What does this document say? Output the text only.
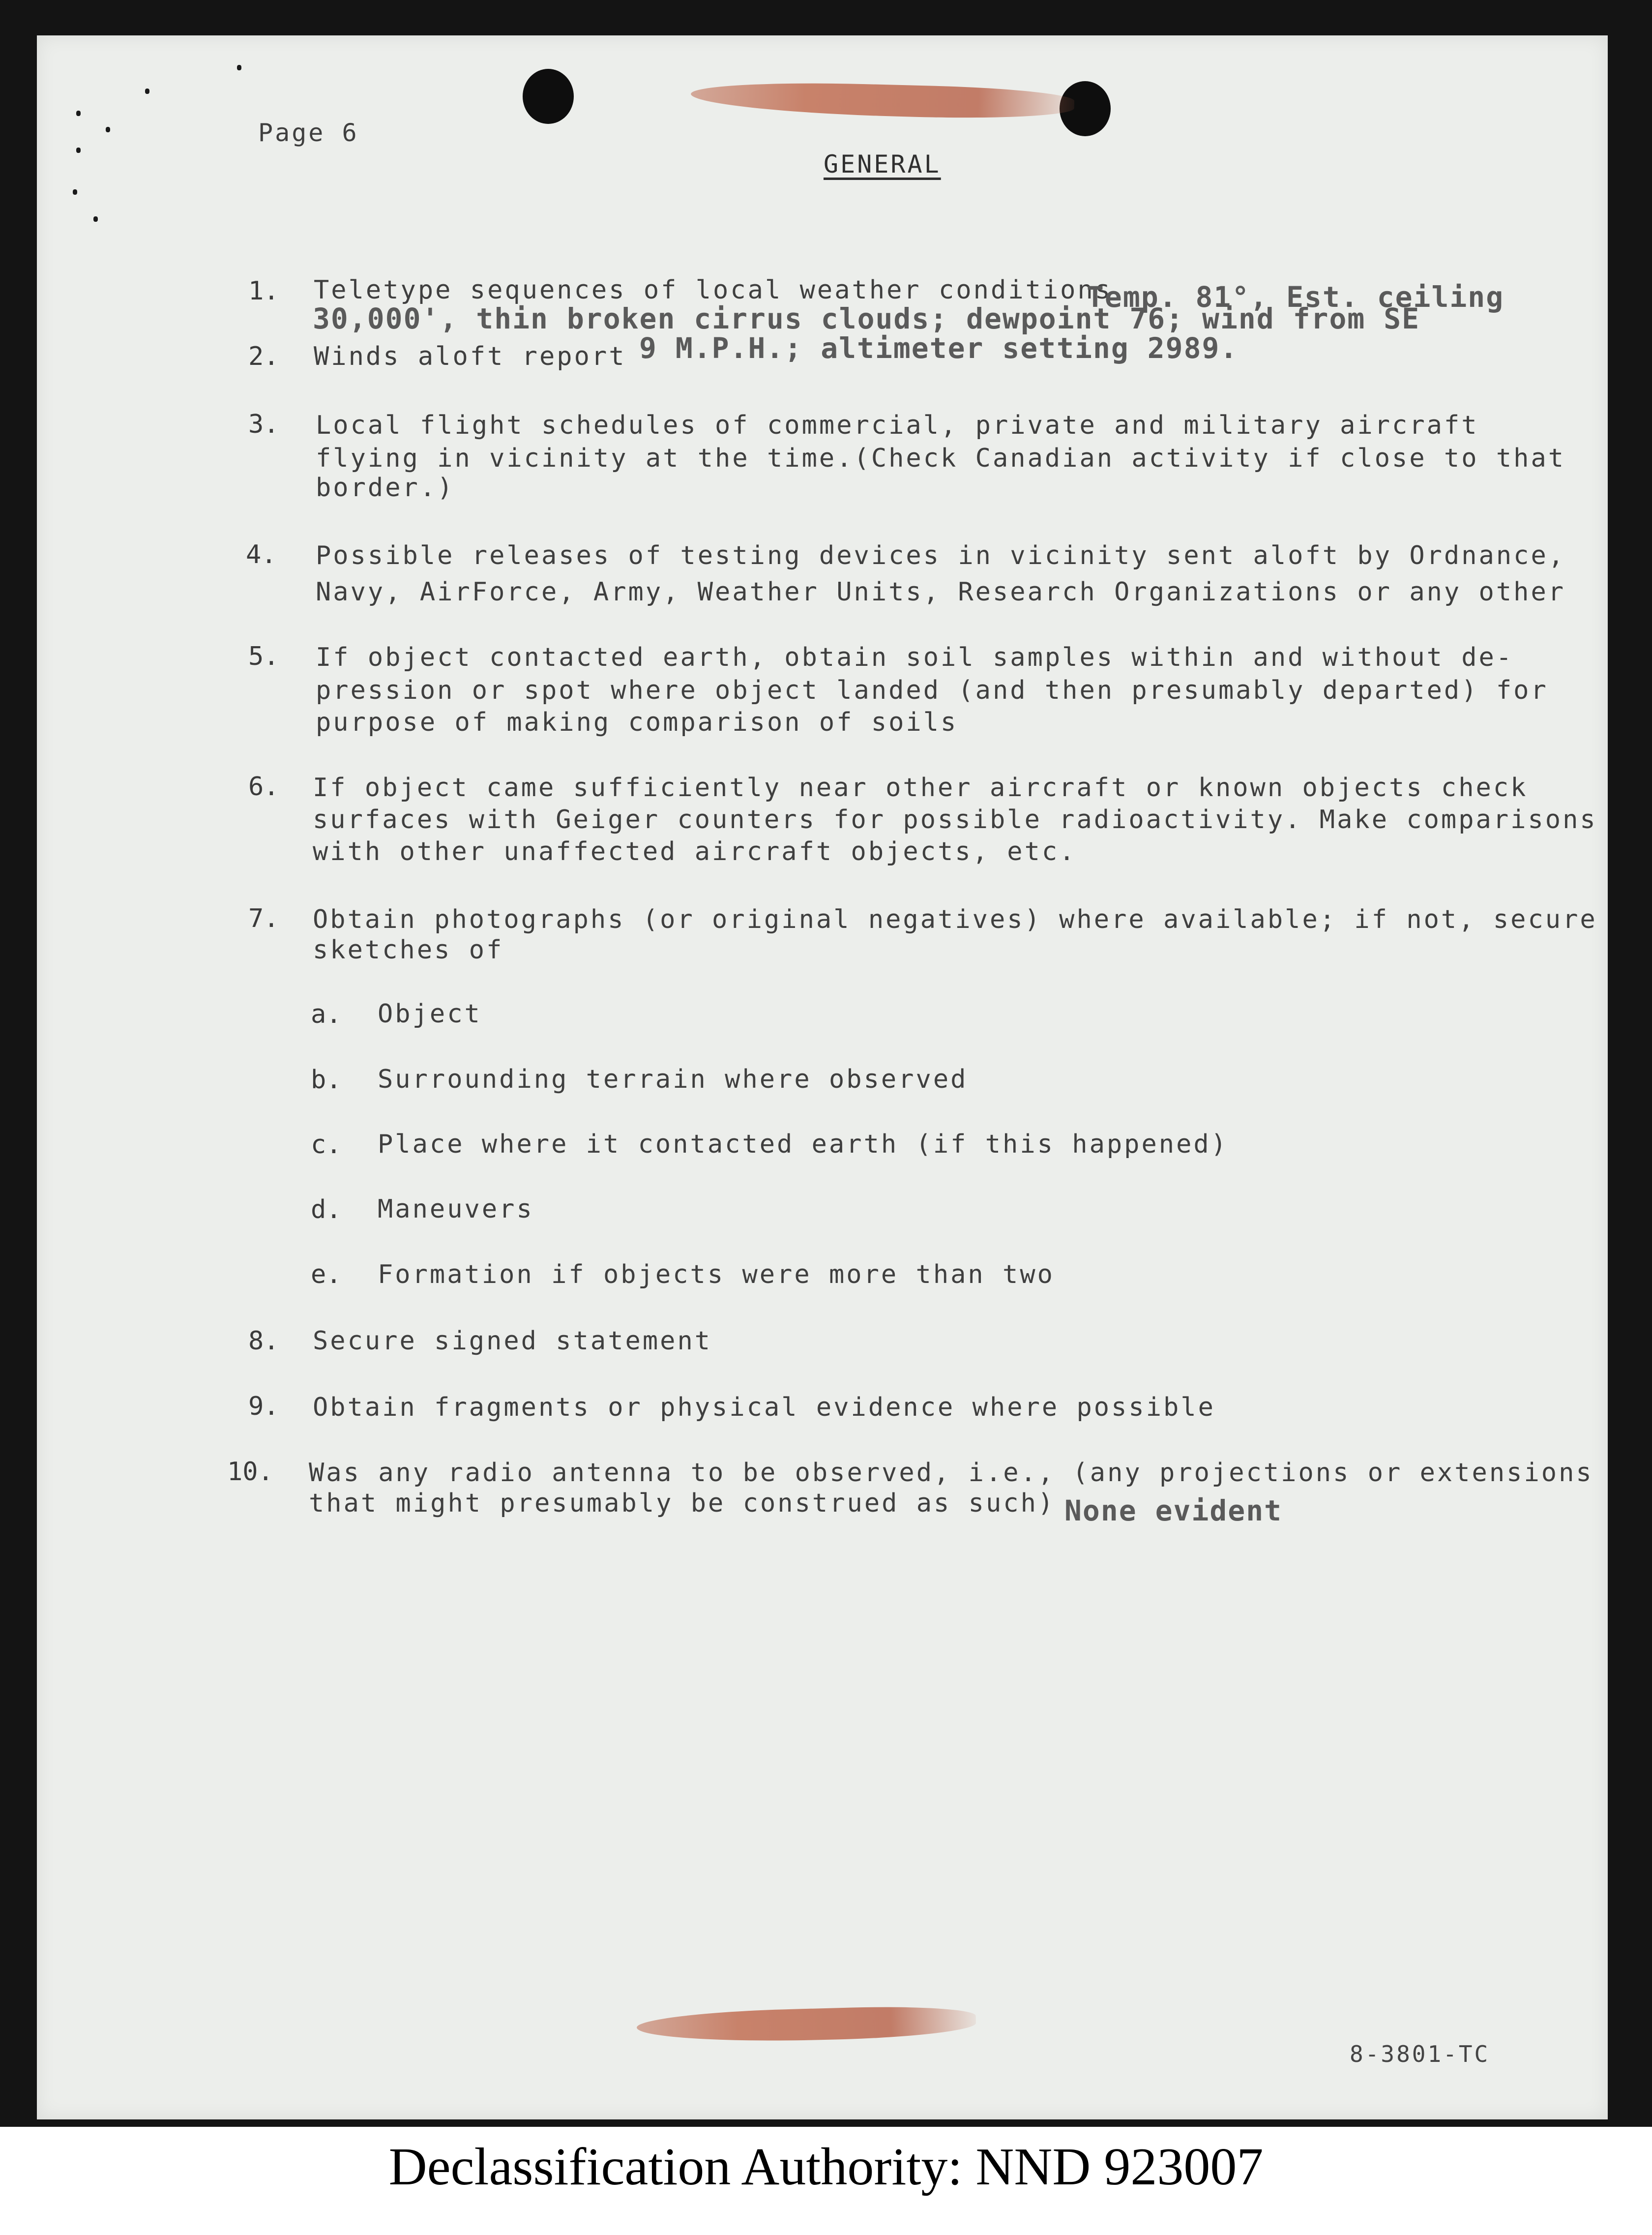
Page 6
GENERAL
1. Teletype sequences of local weather conditions
Temp. 81°, Est. ceiling
30,000', thin broken cirrus clouds; dewpoint 76; wind from SE
2. Winds aloft report 9 M.P.H.; altimeter setting 2989.
3. Local flight schedules of commercial, private and military aircraft
flying in vicinity at the time.(Check Canadian activity if close to that
border.)
4. Possible releases of testing devices in vicinity sent aloft by Ordnance,
Navy, AirForce, Army, Weather Units, Research Organizations or any other
5. If object contacted earth, obtain soil samples within and without de-
pression or spot where object landed (and then presumably departed) for
purpose of making comparison of soils
6. If object came sufficiently near other aircraft or known objects check
surfaces with Geiger counters for possible radioactivity. Make comparisons
with other unaffected aircraft objects, etc.
7. Obtain photographs (or original negatives) where available; if not, secure
sketches of
a. Object
b. Surrounding terrain where observed
c. Place where it contacted earth (if this happened)
d. Maneuvers
e. Formation if objects were more than two
8. Secure signed statement
9. Obtain fragments or physical evidence where possible
10. Was any radio antenna to be observed, i.e., (any projections or extensions
that might presumably be construed as such) None evident
8-3801-TC
Declassification Authority: NND 923007
